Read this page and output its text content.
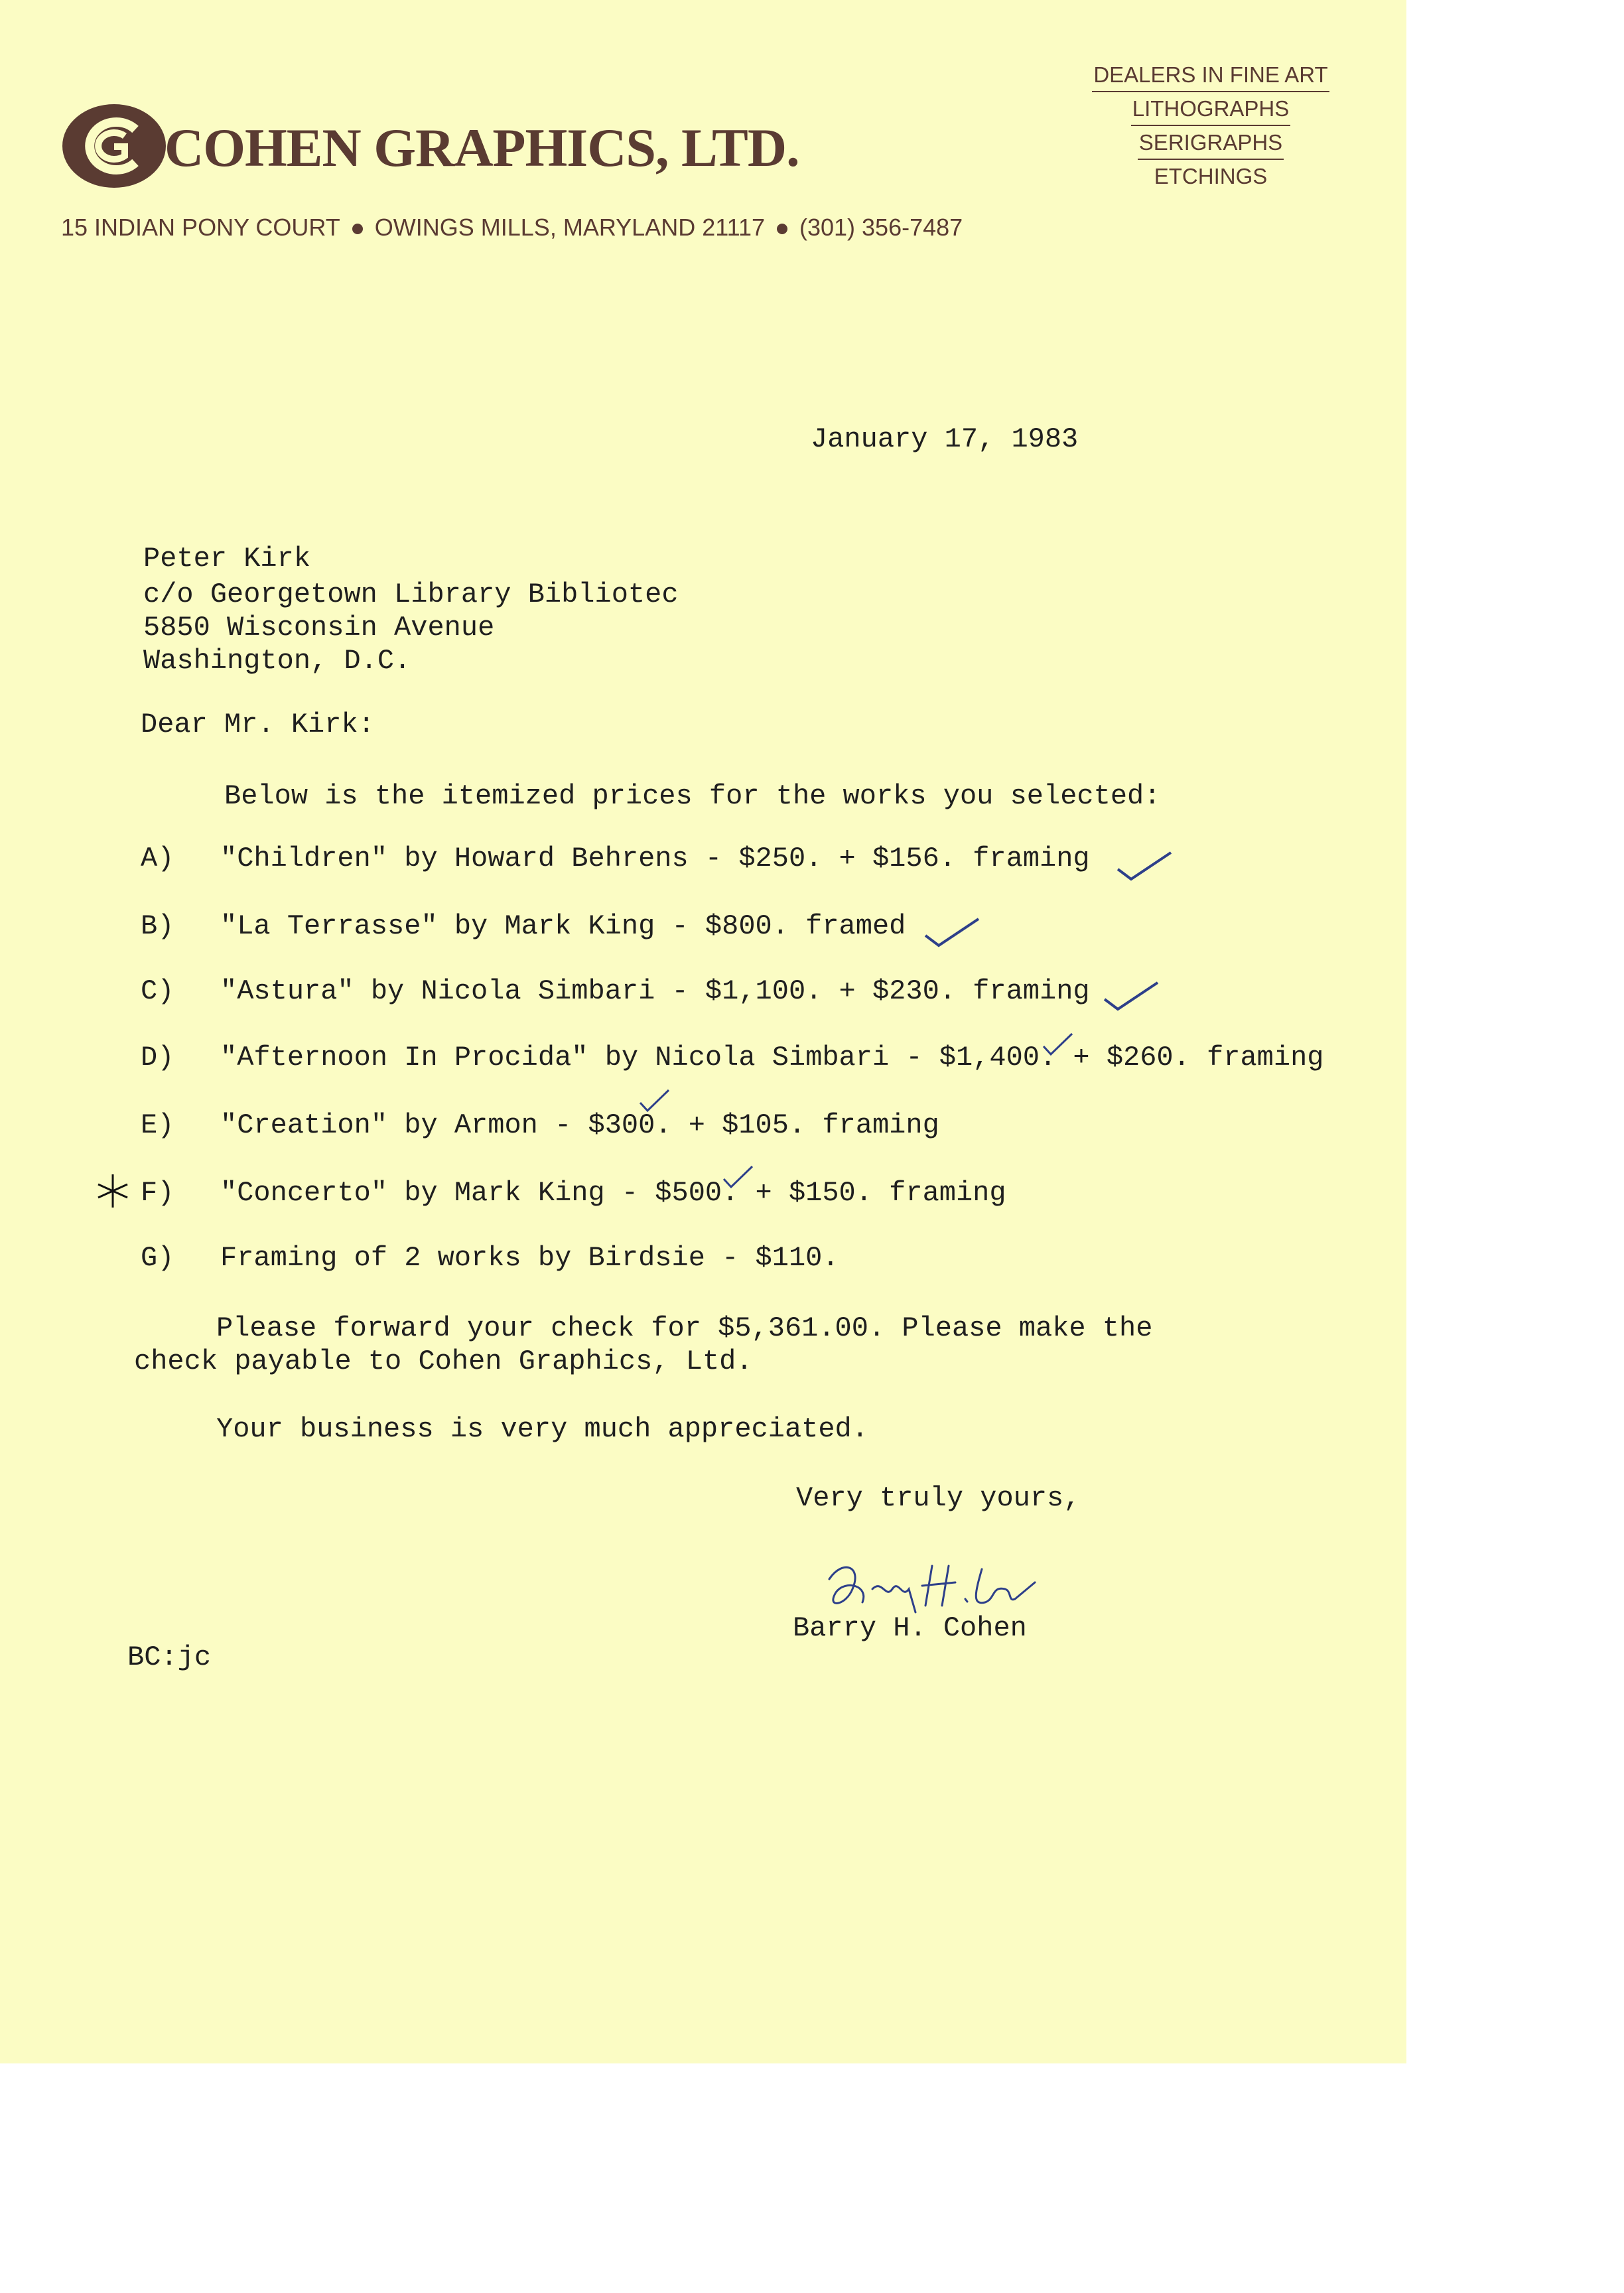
COHEN GRAPHICS, LTD.
DEALERS IN FINE ART
LITHOGRAPHS
SERIGRAPHS
ETCHINGS
15 INDIAN PONY COURT OWINGS MILLS, MARYLAND 21117 (301) 356-7487
January 17, 1983
Peter Kirk
c/o Georgetown Library Bibliotec
5850 Wisconsin Avenue
Washington, D.C.
Dear Mr. Kirk:
Below is the itemized prices for the works you selected:
A) "Children" by Howard Behrens - $250. + $156. framing
B) "La Terrasse" by Mark King - $800. framed
C) "Astura" by Nicola Simbari - $1,100. + $230. framing
D) "Afternoon In Procida" by Nicola Simbari - $1,400. + $260. framing
E) "Creation" by Armon - $300. + $105. framing
F) "Concerto" by Mark King - $500. + $150. framing
G) Framing of 2 works by Birdsie - $110.
Please forward your check for $5,361.00. Please make the
check payable to Cohen Graphics, Ltd.
Your business is very much appreciated.
Very truly yours,
Barry H. Cohen
BC:jc
